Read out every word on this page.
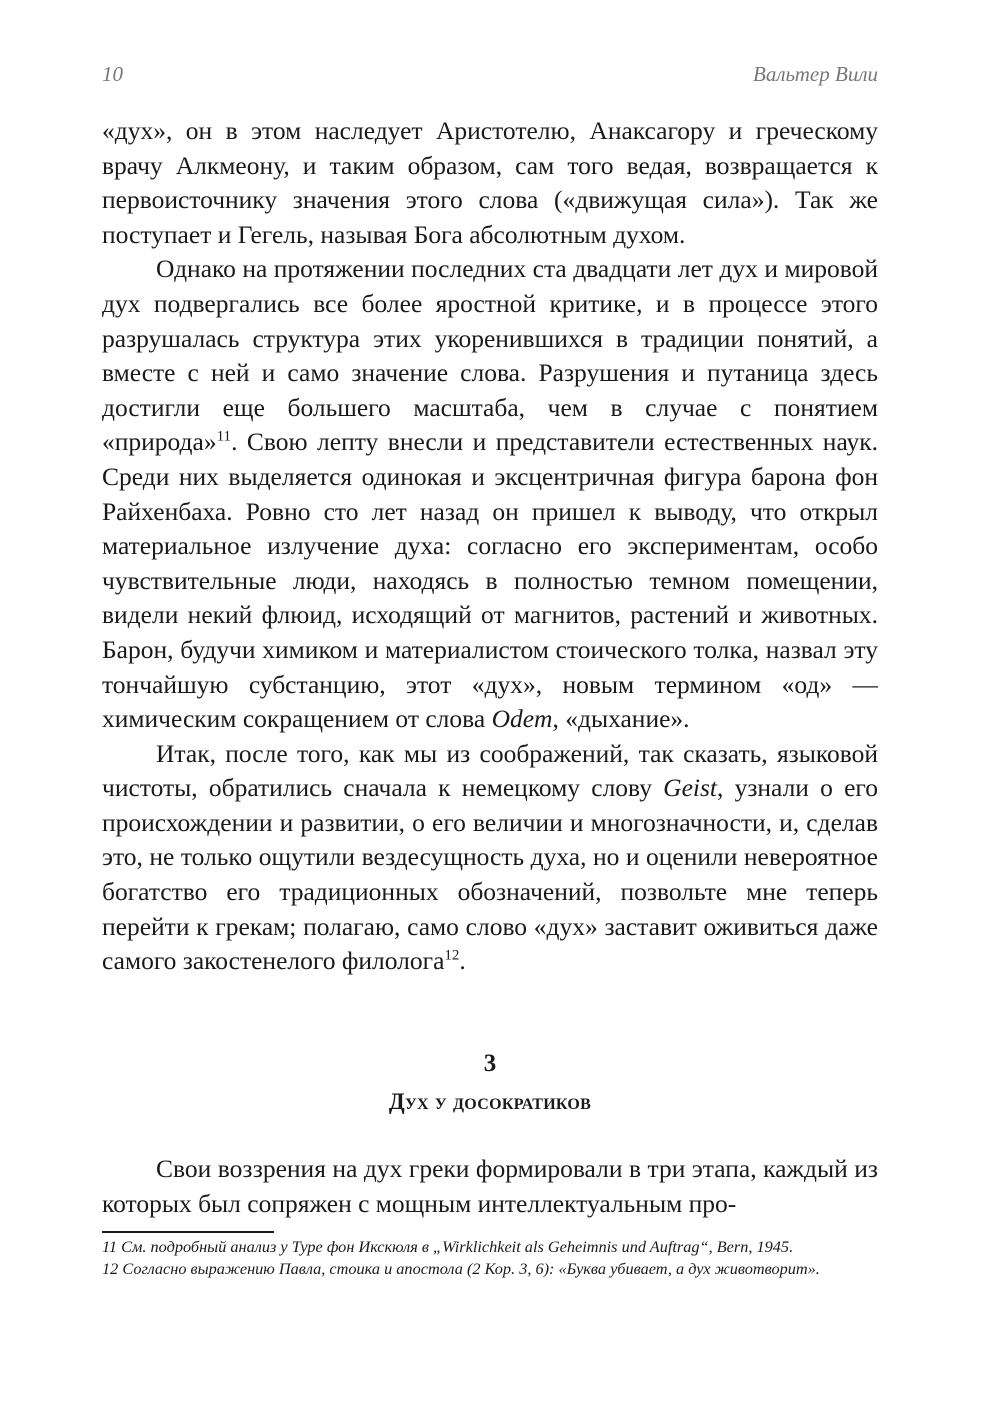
10	Вальтер Вили

«дух», он в этом наследует Аристотелю, Анаксагору и греческому врачу Алкмеону, и таким образом, сам того ведая, возвращается к первоисточнику значения этого слова («движущая сила»). Так же поступает и Гегель, называя Бога абсолютным духом.

Однако на протяжении последних ста двадцати лет дух и мировой дух подвергались все более яростной критике, и в процессе этого разрушалась структура этих укоренившихся в традиции понятий, а вместе с ней и само значение слова. Разрушения и путаница здесь достигли еще большего масштаба, чем в случае с понятием «природа»$^{11}$. Свою лепту внесли и представители естественных наук. Среди них выделяется одинокая и эксцентричная фигура барона фон Райхенбаха. Ровно сто лет назад он пришел к выводу, что открыл материальное излучение духа: согласно его экспериментам, особо чувствительные люди, находясь в полностью темном помещении, видели некий флюид, исходящий от магнитов, растений и животных. Барон, будучи химиком и материалистом стоического толка, назвал эту тончайшую субстанцию, этот «дух», новым термином «од» — химическим сокращением от слова Odem, «дыхание».

Итак, после того, как мы из соображений, так сказать, языковой чистоты, обратились сначала к немецкому слову Geist, узнали о его происхождении и развитии, о его величии и многозначности, и, сделав это, не только ощутили вездесущность духа, но и оценили невероятное богатство его традиционных обозначений, позвольте мне теперь перейти к грекам; полагаю, само слово «дух» заставит оживиться даже самого закостенелого филолога$^{12}$.

3
Дух у досократиков

Свои воззрения на дух греки формировали в три этапа, каждый из которых был сопряжен с мощным интеллектуальным про-

11 См. подробный анализ у Туре фон Икскюля в „Wirklichkeit als Geheimnis und Auftrag“, Bern, 1945.

12 Согласно выражению Павла, стоика и апостола (2 Кор. 3, 6): «Буква убивает, а дух животворит».
